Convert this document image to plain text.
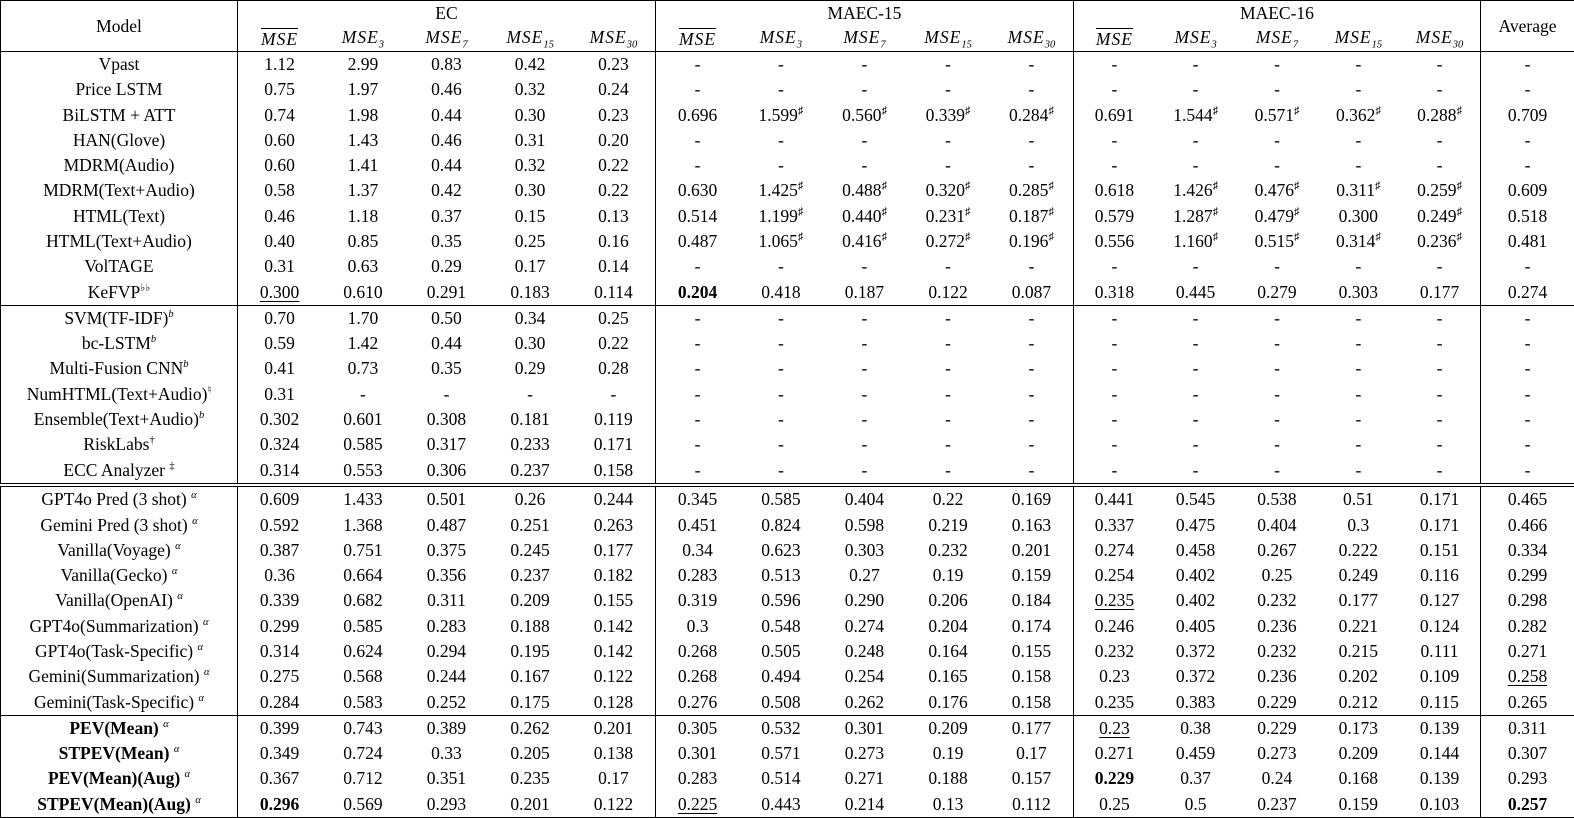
Model	EC					MAEC-15					MAEC-16					Average
	MSE	$MSE_3$	$MSE_7$	$MSE_{15}$	$MSE_{30}$	MSE	$MSE_3$	$MSE_7$	$MSE_{15}$	$MSE_{30}$	MSE	$MSE_3$	$MSE_7$	$MSE_{15}$	$MSE_{30}$
Vpast	1.12	2.99	0.83	0.42	0.23	-	-	-	-	-	-	-	-	-	-	-
Price LSTM	0.75	1.97	0.46	0.32	0.24	-	-	-	-	-	-	-	-	-	-	-
BiLSTM + ATT	0.74	1.98	0.44	0.30	0.23	0.696	1.599♯	0.560♯	0.339♯	0.284♯	0.691	1.544♯	0.571♯	0.362♯	0.288♯	0.709
HAN(Glove)	0.60	1.43	0.46	0.31	0.20	-	-	-	-	-	-	-	-	-	-	-
MDRM(Audio)	0.60	1.41	0.44	0.32	0.22	-	-	-	-	-	-	-	-	-	-	-
MDRM(Text+Audio)	0.58	1.37	0.42	0.30	0.22	0.630	1.425♯	0.488♯	0.320♯	0.285♯	0.618	1.426♯	0.476♯	0.311♯	0.259♯	0.609
HTML(Text)	0.46	1.18	0.37	0.15	0.13	0.514	1.199♯	0.440♯	0.231♯	0.187♯	0.579	1.287♯	0.479♯	0.300	0.249♯	0.518
HTML(Text+Audio)	0.40	0.85	0.35	0.25	0.16	0.487	1.065♯	0.416♯	0.272♯	0.196♯	0.556	1.160♯	0.515♯	0.314♯	0.236♯	0.481
VolTAGE	0.31	0.63	0.29	0.17	0.14	-	-	-	-	-	-	-	-	-	-	-
KeFVP♭♭	0.300	0.610	0.291	0.183	0.114	0.204	0.418	0.187	0.122	0.087	0.318	0.445	0.279	0.303	0.177	0.274
$SVM(TF-IDF)^b$	0.70	1.70	0.50	0.34	0.25	-	-	-	-	-	-	-	-	-	-	-
bc-LSTM$^b$	0.59	1.42	0.44	0.30	0.22	-	-	-	-	-	-	-	-	-	-	-
Multi-Fusion CNN$^b$	0.41	0.73	0.35	0.29	0.28	-	-	-	-	-	-	-	-	-	-	-
NumHTML(Text+Audio)♮	0.31	-	-	-	-	-	-	-	-	-	-	-	-	-	-	-
Ensemble(Text+Audio)$^b$	0.302	0.601	0.308	0.181	0.119	-	-	-	-	-	-	-	-	-	-	-
RiskLabs†	0.324	0.585	0.317	0.233	0.171	-	-	-	-	-	-	-	-	-	-	-
ECC Analyzer ‡	0.314	0.553	0.306	0.237	0.158	-	-	-	-	-	-	-	-	-	-	-
GPT4o Pred (3 shot) $^\alpha$	0.609	1.433	0.501	0.26	0.244	0.345	0.585	0.404	0.22	0.169	0.441	0.545	0.538	0.51	0.171	0.465
Gemini Pred (3 shot) $^\alpha$	0.592	1.368	0.487	0.251	0.263	0.451	0.824	0.598	0.219	0.163	0.337	0.475	0.404	0.3	0.171	0.466
Vanilla(Voyage) $^\alpha$	0.387	0.751	0.375	0.245	0.177	0.34	0.623	0.303	0.232	0.201	0.274	0.458	0.267	0.222	0.151	0.334
Vanilla(Gecko) $^\alpha$	0.36	0.664	0.356	0.237	0.182	0.283	0.513	0.27	0.19	0.159	0.254	0.402	0.25	0.249	0.116	0.299
Vanilla(OpenAI) $^\alpha$	0.339	0.682	0.311	0.209	0.155	0.319	0.596	0.290	0.206	0.184	0.235	0.402	0.232	0.177	0.127	0.298
GPT4o(Summarization) $^\alpha$	0.299	0.585	0.283	0.188	0.142	0.3	0.548	0.274	0.204	0.174	0.246	0.405	0.236	0.221	0.124	0.282
GPT4o(Task-Specific) $^\alpha$	0.314	0.624	0.294	0.195	0.142	0.268	0.505	0.248	0.164	0.155	0.232	0.372	0.232	0.215	0.111	0.271
Gemini(Summarization) $^\alpha$	0.275	0.568	0.244	0.167	0.122	0.268	0.494	0.254	0.165	0.158	0.23	0.372	0.236	0.202	0.109	0.258
Gemini(Task-Specific) $^\alpha$	0.284	0.583	0.252	0.175	0.128	0.276	0.508	0.262	0.176	0.158	0.235	0.383	0.229	0.212	0.115	0.265
PEV(Mean) $^\alpha$	0.399	0.743	0.389	0.262	0.201	0.305	0.532	0.301	0.209	0.177	0.23	0.38	0.229	0.173	0.139	0.311
STPEV(Mean) $^\alpha$	0.349	0.724	0.33	0.205	0.138	0.301	0.571	0.273	0.19	0.17	0.271	0.459	0.273	0.209	0.144	0.307
PEV(Mean)(Aug) $^\alpha$	0.367	0.712	0.351	0.235	0.17	0.283	0.514	0.271	0.188	0.157	0.229	0.37	0.24	0.168	0.139	0.293
STPEV(Mean)(Aug) $^\alpha$	0.296	0.569	0.293	0.201	0.122	0.225	0.443	0.214	0.13	0.112	0.25	0.5	0.237	0.159	0.103	0.257
